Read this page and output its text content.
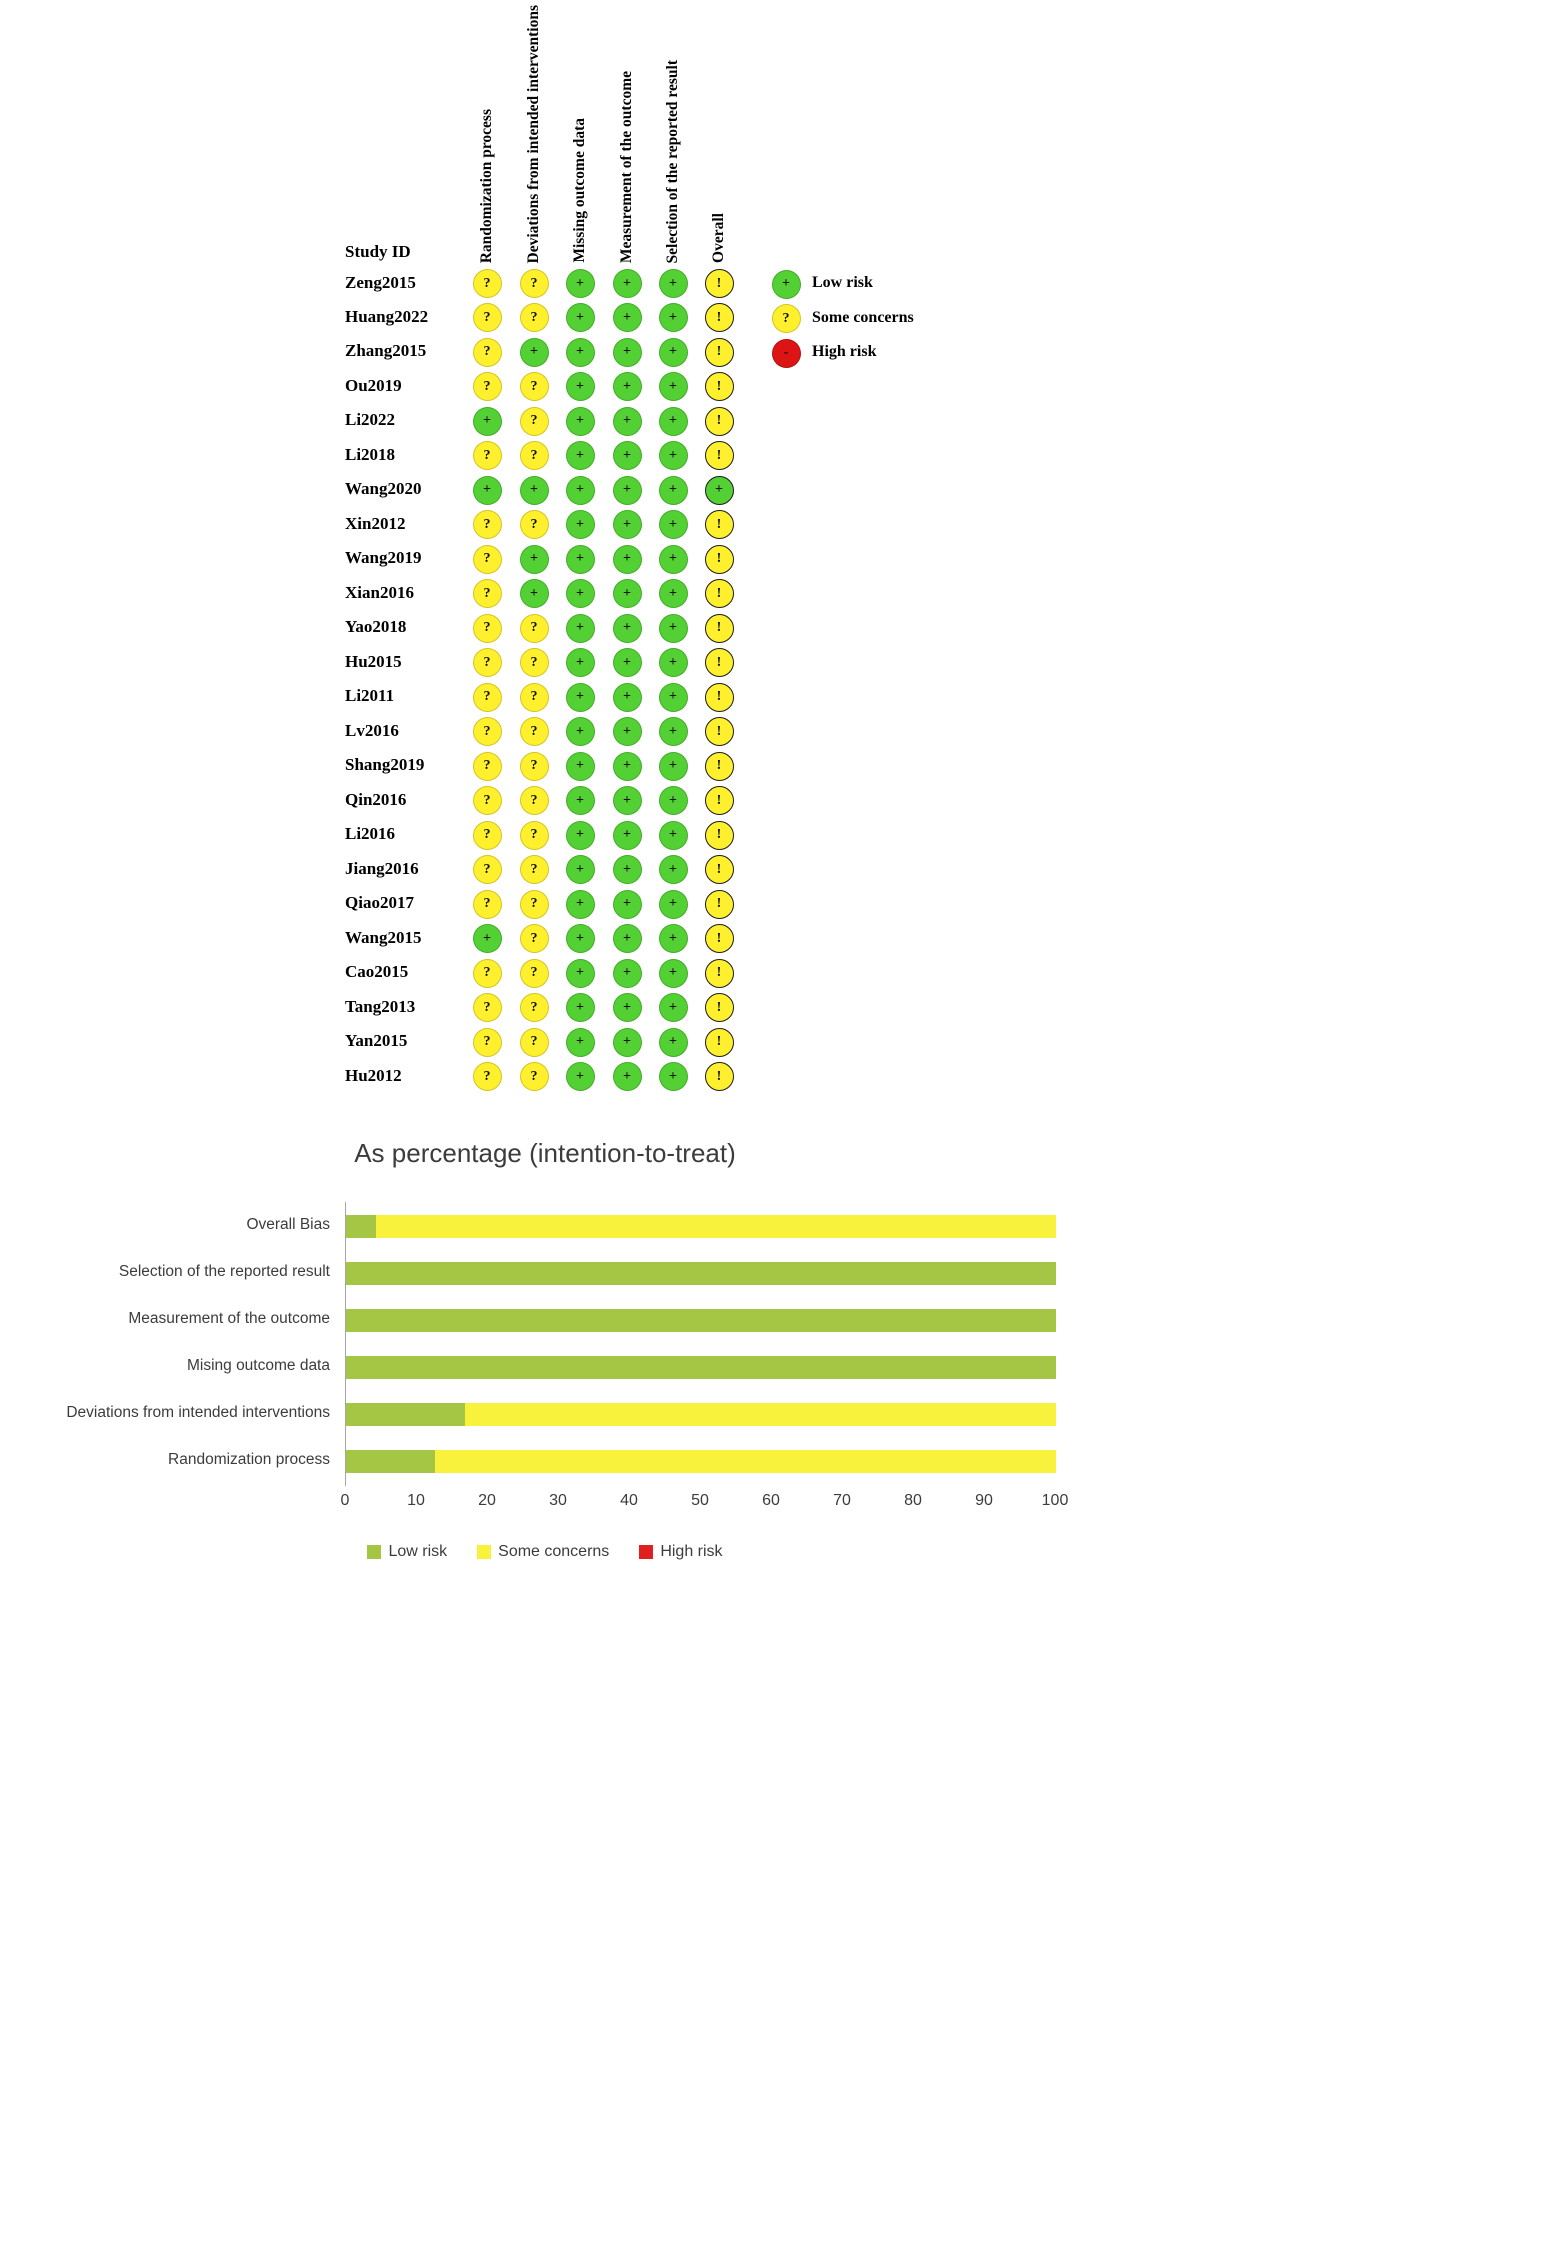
Randomization process Deviations from intended interventions Missing outcome data Measurement of the outcome Selection of the reported result Overall
Study ID
Zeng2015	?	?	+	+	+	!
Huang2022	?	?	+	+	+	!
Zhang2015	?	+	+	+	+	!
Ou2019	?	?	+	+	+	!
Li2022	+	?	+	+	+	!
Li2018	?	?	+	+	+	!
Wang2020	+	+	+	+	+	+
Xin2012	?	?	+	+	+	!
Wang2019	?	+	+	+	+	!
Xian2016	?	+	+	+	+	!
Yao2018	?	?	+	+	+	!
Hu2015	?	?	+	+	+	!
Li2011	?	?	+	+	+	!
Lv2016	?	?	+	+	+	!
Shang2019	?	?	+	+	+	!
Qin2016	?	?	+	+	+	!
Li2016	?	?	+	+	+	!
Jiang2016	?	?	+	+	+	!
Qiao2017	?	?	+	+	+	!
Wang2015	+	?	+	+	+	!
Cao2015	?	?	+	+	+	!
Tang2013	?	?	+	+	+	!
Yan2015	?	?	+	+	+	!
Hu2012	?	?	+	+	+	!
+	Low risk
?	Some concerns
-	High risk
As percentage (intention-to-treat)
Overall Bias
Selection of the reported result
Measurement of the outcome
Mising outcome data
Deviations from intended interventions
Randomization process
0	10	20	30	40	50	60	70	80	90	100
Low risk	Some concerns	High risk
